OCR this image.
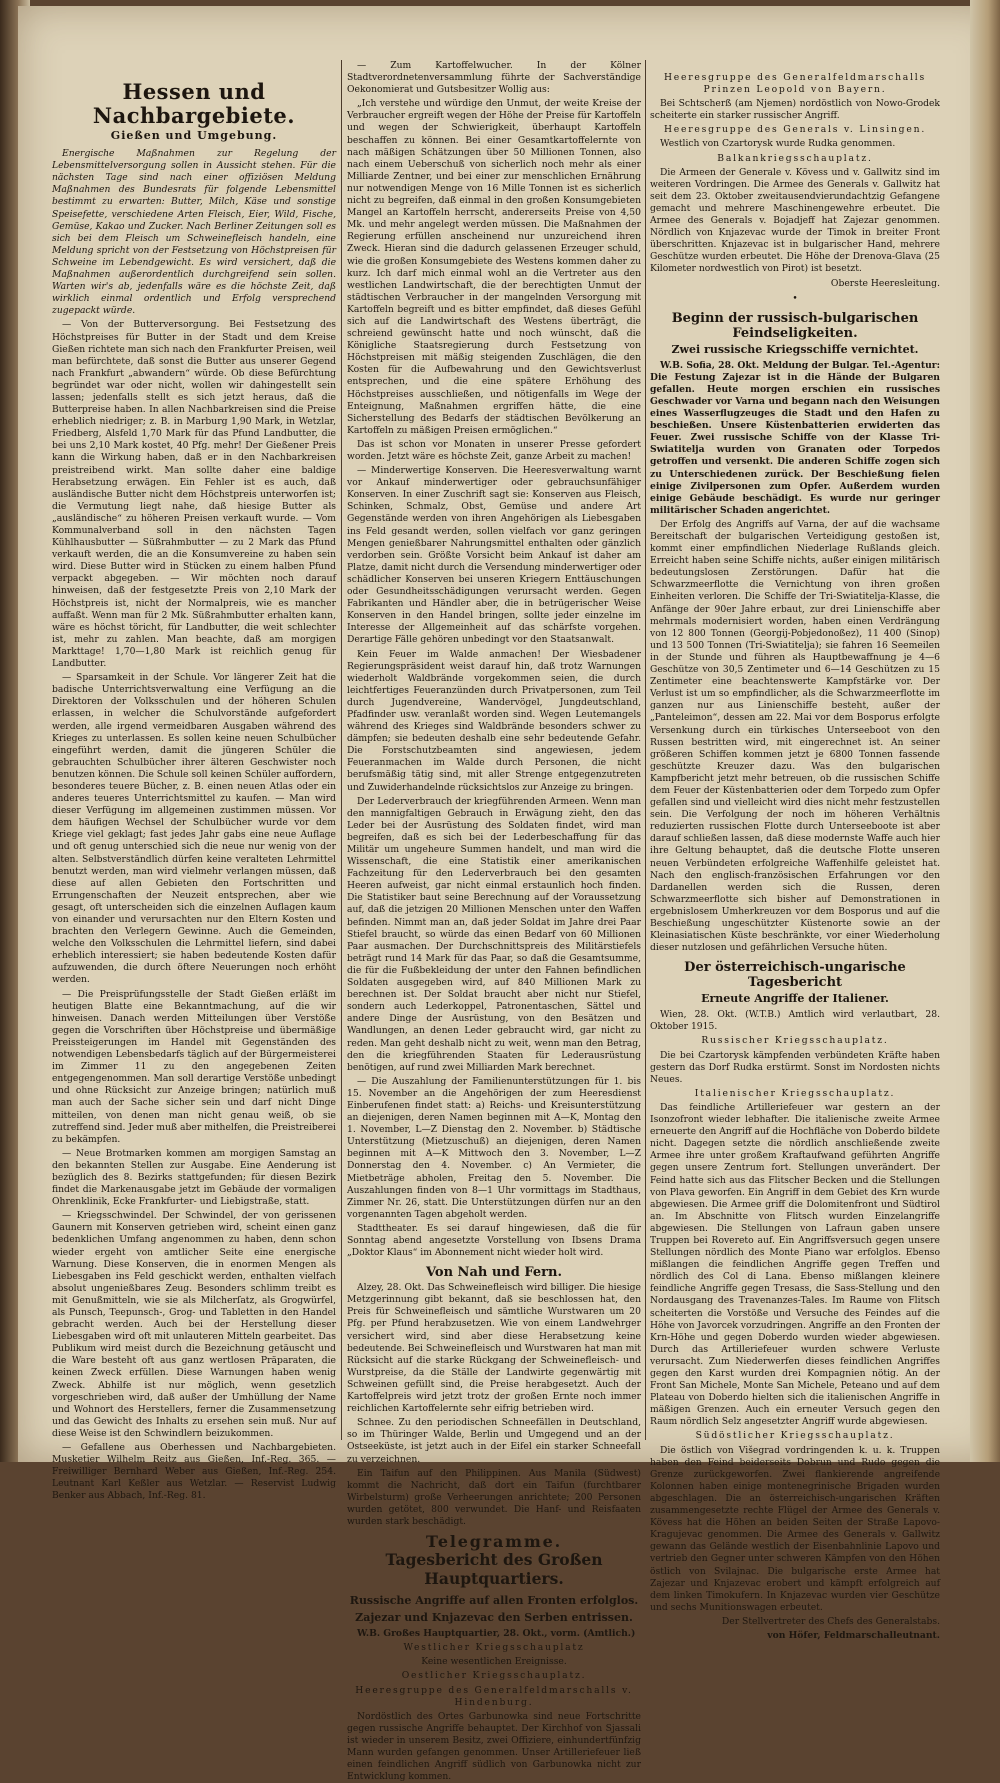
Hessen und Nachbargebiete.
Gießen und Umgebung.

Energische Maßnahmen zur Regelung der Lebensmittelversorgung sollen in Aussicht stehen. Für die nächsten Tage sind nach einer offiziösen Meldung Maßnahmen des Bundesrats für folgende Lebensmittel bestimmt zu erwarten: Butter, Milch, Käse und sonstige Speisefette, verschiedene Arten Fleisch, Eier, Wild, Fische, Gemüse, Kakao und Zucker. Nach Berliner Zeitungen soll es sich bei dem Fleisch um Schweinefleisch handeln, eine Meldung spricht von der Festsetzung von Höchstpreisen für Schweine im Lebendgewicht. Es wird versichert, daß die Maßnahmen außerordentlich durchgreifend sein sollen. Warten wir's ab, jedenfalls wäre es die höchste Zeit, daß wirklich einmal ordentlich und Erfolg versprechend zugepackt würde.

— Von der Butterversorgung. Bei Festsetzung des Höchstpreises für Butter in der Stadt und dem Kreise Gießen richtete man sich nach den Frankfurter Preisen, weil man befürchtete, daß sonst die Butter aus unserer Gegend nach Frankfurt „abwandern“ würde. Ob diese Befürchtung begründet war oder nicht, wollen wir dahingestellt sein lassen; jedenfalls stellt es sich jetzt heraus, daß die Butterpreise haben. In allen Nachbarkreisen sind die Preise erheblich niedriger; z. B. in Marburg 1,90 Mark, in Wetzlar, Friedberg, Alsfeld 1,70 Mark für das Pfund Landbutter, die bei uns 2,10 Mark kostet, 40 Pfg. mehr! Der Gießener Preis kann die Wirkung haben, daß er in den Nachbarkreisen preistreibend wirkt. Man sollte daher eine baldige Herabsetzung erwägen. Ein Fehler ist es auch, daß ausländische Butter nicht dem Höchstpreis unterworfen ist; die Vermutung liegt nahe, daß hiesige Butter als „ausländische“ zu höheren Preisen verkauft wurde. — Vom Kommunalverband soll in den nächsten Tagen Kühlhausbutter — Süßrahmbutter — zu 2 Mark das Pfund verkauft werden, die an die Konsumvereine zu haben sein wird. Diese Butter wird in Stücken zu einem halben Pfund verpackt abgegeben. — Wir möchten noch darauf hinweisen, daß der festgesetzte Preis von 2,10 Mark der Höchstpreis ist, nicht der Normalpreis, wie es mancher auffaßt. Wenn man für 2 Mk. Süßrahmbutter erhalten kann, wäre es höchst töricht, für Landbutter, die weit schlechter ist, mehr zu zahlen. Man beachte, daß am morgigen Markttage! 1,70—1,80 Mark ist reichlich genug für Landbutter.

— Sparsamkeit in der Schule. Vor längerer Zeit hat die badische Unterrichtsverwaltung eine Verfügung an die Direktoren der Volksschulen und der höheren Schulen erlassen, in welcher die Schulvorstände aufgefordert werden, alle irgend vermeidbaren Ausgaben während des Krieges zu unterlassen. Es sollen keine neuen Schulbücher eingeführt werden, damit die jüngeren Schüler die gebrauchten Schulbücher ihrer älteren Geschwister noch benutzen können. Die Schule soll keinen Schüler auffordern, besonderes teuere Bücher, z. B. einen neuen Atlas oder ein anderes teueres Unterrichtsmittel zu kaufen. — Man wird dieser Verfügung im allgemeinen zustimmen müssen. Vor dem häufigen Wechsel der Schulbücher wurde vor dem Kriege viel geklagt; fast jedes Jahr gabs eine neue Auflage und oft genug unterschied sich die neue nur wenig von der alten. Selbstverständlich dürfen keine veralteten Lehrmittel benutzt werden, man wird vielmehr verlangen müssen, daß diese auf allen Gebieten den Fortschritten und Errungenschaften der Neuzeit entsprechen, aber wie gesagt, oft unterscheiden sich die einzelnen Auflagen kaum von einander und verursachten nur den Eltern Kosten und brachten den Verlegern Gewinne. Auch die Gemeinden, welche den Volksschulen die Lehrmittel liefern, sind dabei erheblich interessiert; sie haben bedeutende Kosten dafür aufzuwenden, die durch öftere Neuerungen noch erhöht werden.

— Die Preisprüfungsstelle der Stadt Gießen erläßt im heutigen Blatte eine Bekanntmachung, auf die wir hinweisen. Danach werden Mitteilungen über Verstöße gegen die Vorschriften über Höchstpreise und übermäßige Preissteigerungen im Handel mit Gegenständen des notwendigen Lebensbedarfs täglich auf der Bürgermeisterei im Zimmer 11 zu den angegebenen Zeiten entgegengenommen. Man soll derartige Verstöße unbedingt und ohne Rücksicht zur Anzeige bringen; natürlich muß man auch der Sache sicher sein und darf nicht Dinge mitteilen, von denen man nicht genau weiß, ob sie zutreffend sind. Jeder muß aber mithelfen, die Preistreiberei zu bekämpfen.

— Neue Brotmarken kommen am morgigen Samstag an den bekannten Stellen zur Ausgabe. Eine Aenderung ist bezüglich des 8. Bezirks stattgefunden; für diesen Bezirk findet die Markenausgabe jetzt im Gebäude der vormaligen Ohrenklinik, Ecke Frankfurter- und Liebigstraße, statt.

— Kriegsschwindel. Der Schwindel, der von gerissenen Gaunern mit Konserven getrieben wird, scheint einen ganz bedenklichen Umfang angenommen zu haben, denn schon wieder ergeht von amtlicher Seite eine energische Warnung. Diese Konserven, die in enormen Mengen als Liebesgaben ins Feld geschickt werden, enthalten vielfach absolut ungenießbares Zeug. Besonders schlimm treibt es mit Genußmitteln, wie sie als Milcherſatz, als Grogwürfel, als Punsch, Teepunsch-, Grog- und Tabletten in den Handel gebracht werden. Auch bei der Herstellung dieser Liebesgaben wird oft mit unlauteren Mitteln gearbeitet. Das Publikum wird meist durch die Bezeichnung getäuscht und die Ware besteht oft aus ganz wertlosen Präparaten, die keinen Zweck erfüllen. Diese Warnungen haben wenig Zweck. Abhilfe ist nur möglich, wenn gesetzlich vorgeschrieben wird, daß außer der Umhüllung der Name und Wohnort des Herstellers, ferner die Zusammensetzung und das Gewicht des Inhalts zu ersehen sein muß. Nur auf diese Weise ist den Schwindlern beizukommen.

— Gefallene aus Oberhessen und Nachbargebieten. Musketier Wilhelm Reitz aus Gießen, Inf.-Reg. 365. — Freiwilliger Bernhard Weber aus Gießen, Inf.-Reg. 254. Leutnant Karl Keßler aus Wetzlar. — Reservist Ludwig Benker aus Abbach, Inf.-Reg. 81.

— Zum Kartoffelwucher. In der Kölner Stadtverordnetenversammlung führte der Sachverständige Oekonomierat und Gutsbesitzer Wollig aus:

„Ich verstehe und würdige den Unmut, der weite Kreise der Verbraucher ergreift wegen der Höhe der Preise für Kartoffeln und wegen der Schwierigkeit, überhaupt Kartoffeln beschaffen zu können. Bei einer Gesamtkartoffelernte von nach mäßigen Schätzungen über 50 Millionen Tonnen, also nach einem Ueberschuß von sicherlich noch mehr als einer Milliarde Zentner, und bei einer zur menschlichen Ernährung nur notwendigen Menge von 16 Mille Tonnen ist es sicherlich nicht zu begreifen, daß einmal in den großen Konsumgebieten Mangel an Kartoffeln herrscht, andererseits Preise von 4,50 Mk. und mehr angelegt werden müssen. Die Maßnahmen der Regierung erfüllen anscheinend nur unzureichend ihren Zweck. Hieran sind die dadurch gelassenen Erzeuger schuld, wie die großen Konsumgebiete des Westens kommen daher zu kurz. Ich darf mich einmal wohl an die Vertreter aus den westlichen Landwirtschaft, die der berechtigten Unmut der städtischen Verbraucher in der mangelnden Versorgung mit Kartoffeln begreift und es bitter empfindet, daß dieses Gefühl sich auf die Landwirtschaft des Westens überträgt, die schreiend gewünscht hatte und noch wünscht, daß die Königliche Staatsregierung durch Festsetzung von Höchstpreisen mit mäßig steigenden Zuschlägen, die den Kosten für die Aufbewahrung und den Gewichtsverlust entsprechen, und die eine spätere Erhöhung des Höchstpreises ausschließen, und nötigenfalls im Wege der Enteignung, Maßnahmen ergriffen hätte, die eine Sicherstellung des Bedarfs der städtischen Bevölkerung an Kartoffeln zu mäßigen Preisen ermöglichen.“

Das ist schon vor Monaten in unserer Presse gefordert worden. Jetzt wäre es höchste Zeit, ganze Arbeit zu machen!

— Minderwertige Konserven. Die Heeresverwaltung warnt vor Ankauf minderwertiger oder gebrauchsunfähiger Konserven. In einer Zuschrift sagt sie: Konserven aus Fleisch, Schinken, Schmalz, Obst, Gemüse und andere Art Gegenstände werden von ihren Angehörigen als Liebesgaben ins Feld gesandt werden, sollen vielfach vor ganz geringen Mengen genießbarer Nahrungsmittel enthalten oder gänzlich verdorben sein. Größte Vorsicht beim Ankauf ist daher am Platze, damit nicht durch die Versendung minderwertiger oder schädlicher Konserven bei unseren Kriegern Enttäuschungen oder Gesundheitsschädigungen verursacht werden. Gegen Fabrikanten und Händler aber, die in betrügerischer Weise Konserven in den Handel bringen, sollte jeder einzelne im Interesse der Allgemeinheit auf das schärfste vorgehen. Derartige Fälle gehören unbedingt vor den Staatsanwalt.

Kein Feuer im Walde anmachen! Der Wiesbadener Regierungspräsident weist darauf hin, daß trotz Warnungen wiederholt Waldbrände vorgekommen seien, die durch leichtfertiges Feueranzünden durch Privatpersonen, zum Teil durch Jugendvereine, Wandervögel, Jungdeutschland, Pfadfinder usw. veranlaßt worden sind. Wegen Leutemangels während des Krieges sind Waldbrände besonders schwer zu dämpfen; sie bedeuten deshalb eine sehr bedeutende Gefahr. Die Forstschutzbeamten sind angewiesen, jedem Feueranmachen im Walde durch Personen, die nicht berufsmäßig tätig sind, mit aller Strenge entgegenzutreten und Zuwiderhandelnde rücksichtslos zur Anzeige zu bringen.

Der Lederverbrauch der kriegführenden Armeen. Wenn man den mannigfaltigen Gebrauch in Erwägung zieht, den das Leder bei der Ausrüstung des Soldaten findet, wird man begreifen, daß es sich bei der Lederbeschaffung für das Militär um ungeheure Summen handelt, und man wird die Wissenschaft, die eine Statistik einer amerikanischen Fachzeitung für den Lederverbrauch bei den gesamten Heeren aufweist, gar nicht einmal erstaunlich hoch finden. Die Statistiker baut seine Berechnung auf der Voraussetzung auf, daß die jetzigen 20 Millionen Menschen unter den Waffen befinden. Nimmt man an, daß jeder Soldat im Jahre drei Paar Stiefel braucht, so würde das einen Bedarf von 60 Millionen Paar ausmachen. Der Durchschnittspreis des Militärstiefels beträgt rund 14 Mark für das Paar, so daß die Gesamtsumme, die für die Fußbekleidung der unter den Fahnen befindlichen Soldaten ausgegeben wird, auf 840 Millionen Mark zu berechnen ist. Der Soldat braucht aber nicht nur Stiefel, sondern auch Lederkoppel, Patronentaschen, Sättel und andere Dinge der Ausrüstung, von den Besätzen und Wandlungen, an denen Leder gebraucht wird, gar nicht zu reden. Man geht deshalb nicht zu weit, wenn man den Betrag, den die kriegführenden Staaten für Lederausrüstung benötigen, auf rund zwei Milliarden Mark berechnet.

— Die Auszahlung der Familienunterstützungen für 1. bis 15. November an die Angehörigen der zum Heeresdienst Einberufenen findet statt: a) Reichs- und Kreisunterstützung an diejenigen, deren Namen beginnen mit A—K, Montag den 1. November, L—Z Dienstag den 2. November. b) Städtische Unterstützung (Mietzuschuß) an diejenigen, deren Namen beginnen mit A—K Mittwoch den 3. November, L—Z Donnerstag den 4. November. c) An Vermieter, die Mietbeträge abholen, Freitag den 5. November. Die Auszahlungen finden von 8—1 Uhr vormittags im Stadthaus, Zimmer Nr. 26, statt. Die Unterstützungen dürfen nur an den vorgenannten Tagen abgeholt werden.

Stadttheater. Es sei darauf hingewiesen, daß die für Sonntag abend angesetzte Vorstellung von Ibsens Drama „Doktor Klaus“ im Abonnement nicht wieder holt wird.

Von Nah und Fern.

Alzey, 28. Okt. Das Schweinefleisch wird billiger. Die hiesige Metzgerinnung gibt bekannt, daß sie beschlossen hat, den Preis für Schweinefleisch und sämtliche Wurstwaren um 20 Pfg. per Pfund herabzusetzen. Wie von einem Landwehrger versichert wird, sind aber diese Herabsetzung keine bedeutende. Bei Schweinefleisch und Wurstwaren hat man mit Rücksicht auf die starke Rückgang der Schweinefleisch- und Wurstpreise, da die Ställe der Landwirte gegenwärtig mit Schweinen gefüllt sind, die Preise herabgesetzt. Auch der Kartoffelpreis wird jetzt trotz der großen Ernte noch immer reichlichen Kartoffelernte sehr eifrig betrieben wird.

Schnee. Zu den periodischen Schneefällen in Deutschland, so im Thüringer Walde, Berlin und Umgegend und an der Ostseeküste, ist jetzt auch in der Eifel ein starker Schneefall zu verzeichnen.

Ein Taifun auf den Philippinen. Aus Manila (Südwest) kommt die Nachricht, daß dort ein Taifun (furchtbarer Wirbelsturm) große Verheerungen anrichtete; 200 Personen wurden getötet, 800 verwundet. Die Hanf- und Reisfaaten wurden stark beschädigt.

Telegramme.
Tagesbericht des Großen Hauptquartiers.
Russische Angriffe auf allen Fronten erfolglos.
Zajezar und Knjazevac den Serben entrissen.

W.B. Großes Hauptquartier, 28. Okt., vorm. (Amtlich.)

Westlicher Kriegsschauplatz

Keine wesentlichen Ereignisse.

Oestlicher Kriegsschauplatz.

Heeresgruppe des Generalfeldmarschalls v. Hindenburg.

Nordöstlich des Ortes Garbunowka sind neue Fortschritte gegen russische Angriffe behauptet. Der Kirchhof von Sjassali ist wieder in unserem Besitz, zwei Offiziere, einhundertfünfzig Mann wurden gefangen genommen. Unser Artilleriefeuer ließ einen feindlichen Angriff südlich von Garbunowka nicht zur Entwicklung kommen.

Heeresgruppe des Generalfeldmarschalls Prinzen Leopold von Bayern.

Bei Schtscherß (am Njemen) nordöstlich von Nowo-Grodek scheiterte ein starker russischer Angriff.

Heeresgruppe des Generals v. Linsingen.

Westlich von Czartorysk wurde Rudka genommen.

Balkankriegsschauplatz.

Die Armeen der Generale v. Kövess und v. Gallwitz sind im weiteren Vordringen. Die Armee des Generals v. Gallwitz hat seit dem 23. Oktober zweitausendvierundachtzig Gefangene gemacht und mehrere Maschinengewehre erbeutet. Die Armee des Generals v. Bojadjeff hat Zajezar genommen. Nördlich von Knjazevac wurde der Timok in breiter Front überschritten. Knjazevac ist in bulgarischer Hand, mehrere Geschütze wurden erbeutet. Die Höhe der Drenova-Glava (25 Kilometer nordwestlich von Pirot) ist besetzt.

Oberste Heeresleitung.

•
Beginn der russisch-bulgarischen Feindseligkeiten.
Zwei russische Kriegsschiffe vernichtet.

W.B. Sofia, 28. Okt. Meldung der Bulgar. Tel.-Agentur: Die Festung Zajezar ist in die Hände der Bulgaren gefallen. Heute morgen erschien ein russisches Geschwader vor Varna und begann nach den Weisungen eines Wasserflugzeuges die Stadt und den Hafen zu beschießen. Unsere Küstenbatterien erwiderten das Feuer. Zwei russische Schiffe von der Klasse Tri-Swiatitelja wurden von Granaten oder Torpedos getroffen und versenkt. Die anderen Schiffe zogen sich zu Unterschiedenen zurück. Der Beschießung fielen einige Zivilpersonen zum Opfer. Außerdem wurden einige Gebäude beschädigt. Es wurde nur geringer militärischer Schaden angerichtet.

Der Erfolg des Angriffs auf Varna, der auf die wachsame Bereitschaft der bulgarischen Verteidigung gestoßen ist, kommt einer empfindlichen Niederlage Rußlands gleich. Erreicht haben seine Schiffe nichts, außer einigen militärisch bedeutungslosen Zerstörungen. Dafür hat die Schwarzmeerflotte die Vernichtung von ihren großen Einheiten verloren. Die Schiffe der Tri-Swiatitelja-Klasse, die Anfänge der 90er Jahre erbaut, zur drei Linienschiffe aber mehrmals modernisiert worden, haben einen Verdrängung von 12 800 Tonnen (Georgij-Pobjedonoßez), 11 400 (Sinop) und 13 500 Tonnen (Tri-Swiatitelja); sie fahren 16 Seemeilen in der Stunde und führen als Hauptbewaffnung je 4—6 Geschütze von 30,5 Zentimeter und 6—14 Geschützen zu 15 Zentimeter eine beachtenswerte Kampfstärke vor. Der Verlust ist um so empfindlicher, als die Schwarzmeerflotte im ganzen nur aus Linienschiffe besteht, außer der „Panteleimon“, dessen am 22. Mai vor dem Bosporus erfolgte Versenkung durch ein türkisches Unterseeboot von den Russen bestritten wird, mit eingerechnet ist. An seiner größeren Schiffen kommen jetzt je 6800 Tonnen fassende geschützte Kreuzer dazu. Was den bulgarischen Kampfbericht jetzt mehr betreuen, ob die russischen Schiffe dem Feuer der Küstenbatterien oder dem Torpedo zum Opfer gefallen sind und vielleicht wird dies nicht mehr festzustellen sein. Die Verfolgung der noch im höheren Verhältnis reduzierten russischen Flotte durch Unterseeboote ist aber darauf schließen lassen, daß diese modernste Waffe auch hier ihre Geltung behauptet, daß die deutsche Flotte unseren neuen Verbündeten erfolgreiche Waffenhilfe geleistet hat. Nach den englisch-französischen Erfahrungen vor den Dardanellen werden sich die Russen, deren Schwarzmeerflotte sich bisher auf Demonstrationen in ergebnislosem Umherkreuzen vor dem Bosporus und auf die Beschießung ungeschützter Küstenorte sowie an der Kleinasiatischen Küste beschränkte, vor einer Wiederholung dieser nutzlosen und gefährlichen Versuche hüten.

Der österreichisch-ungarische Tagesbericht
Erneute Angriffe der Italiener.

Wien, 28. Okt. (W.T.B.) Amtlich wird verlautbart, 28. Oktober 1915.

Russischer Kriegsschauplatz.

Die bei Czartorysk kämpfenden verbündeten Kräfte haben gestern das Dorf Rudka erstürmt. Sonst im Nordosten nichts Neues.

Italienischer Kriegsschauplatz.

Das feindliche Artilleriefeuer war gestern an der Isonzofront wieder lebhafter. Die italienische zweite Armee erneuerte den Angriff auf die Hochfläche von Doberdo bildete nicht. Dagegen setzte die nördlich anschließende zweite Armee ihre unter großem Kraftaufwand geführten Angriffe gegen unsere Zentrum fort. Stellungen unverändert. Der Feind hatte sich aus das Flitscher Becken und die Stellungen von Plava geworfen. Ein Angriff in dem Gebiet des Krn wurde abgewiesen. Die Armee griff die Dolomitenfront und Südtirol an. Im Abschnitte von Flitsch wurden Einzelangriffe abgewiesen. Die Stellungen von Lafraun gaben unsere Truppen bei Rovereto auf. Ein Angriffsversuch gegen unsere Stellungen nördlich des Monte Piano war erfolglos. Ebenso mißlangen die feindlichen Angriffe gegen Treffen und nördlich des Col di Lana. Ebenso mißlangen kleinere feindliche Angriffe gegen Tresass, die Sass-Stellung und den Nordausgang des Travenanzes-Tales. Im Raume von Flitsch scheiterten die Vorstöße und Versuche des Feindes auf die Höhe von Javorcek vorzudringen. Angriffe an den Fronten der Krn-Höhe und gegen Doberdo wurden wieder abgewiesen. Durch das Artilleriefeuer wurden schwere Verluste verursacht. Zum Niederwerfen dieses feindlichen Angriffes gegen den Karst wurden drei Kompagnien nötig. An der Front San Michele, Monte San Michele, Peteano und auf dem Plateau von Doberdo hielten sich die italienischen Angriffe in mäßigen Grenzen. Auch ein erneuter Versuch gegen den Raum nördlich Selz angesetzter Angriff wurde abgewiesen.

Südöstlicher Kriegsschauplatz.

Die östlich von Višegrad vordringenden k. u. k. Truppen haben den Feind beiderseits Dobrun und Rudo gegen die Grenze zurückgeworfen. Zwei flankierende angreifende Kolonnen haben einige montenegrinische Brigaden wurden abgeschlagen. Die an österreichisch-ungarischen Kräften zusammengesetzte rechte Flügel der Armee des Generals v. Kövess hat die Höhen an beiden Seiten der Straße Lapovo-Kragujevac genommen. Die Armee des Generals v. Gallwitz gewann das Gelände westlich der Eisenbahnlinie Lapovo und vertrieb den Gegner unter schweren Kämpfen von den Höhen östlich von Svilajnac. Die bulgarische erste Armee hat Zajezar und Knjazevac erobert und kämpft erfolgreich auf dem linken Timokufern. In Knjazevac wurden vier Geschütze und sechs Munitionswagen erbeutet.

Der Stellvertreter des Chefs des Generalstabs.

von Höfer, Feldmarschalleutnant.
